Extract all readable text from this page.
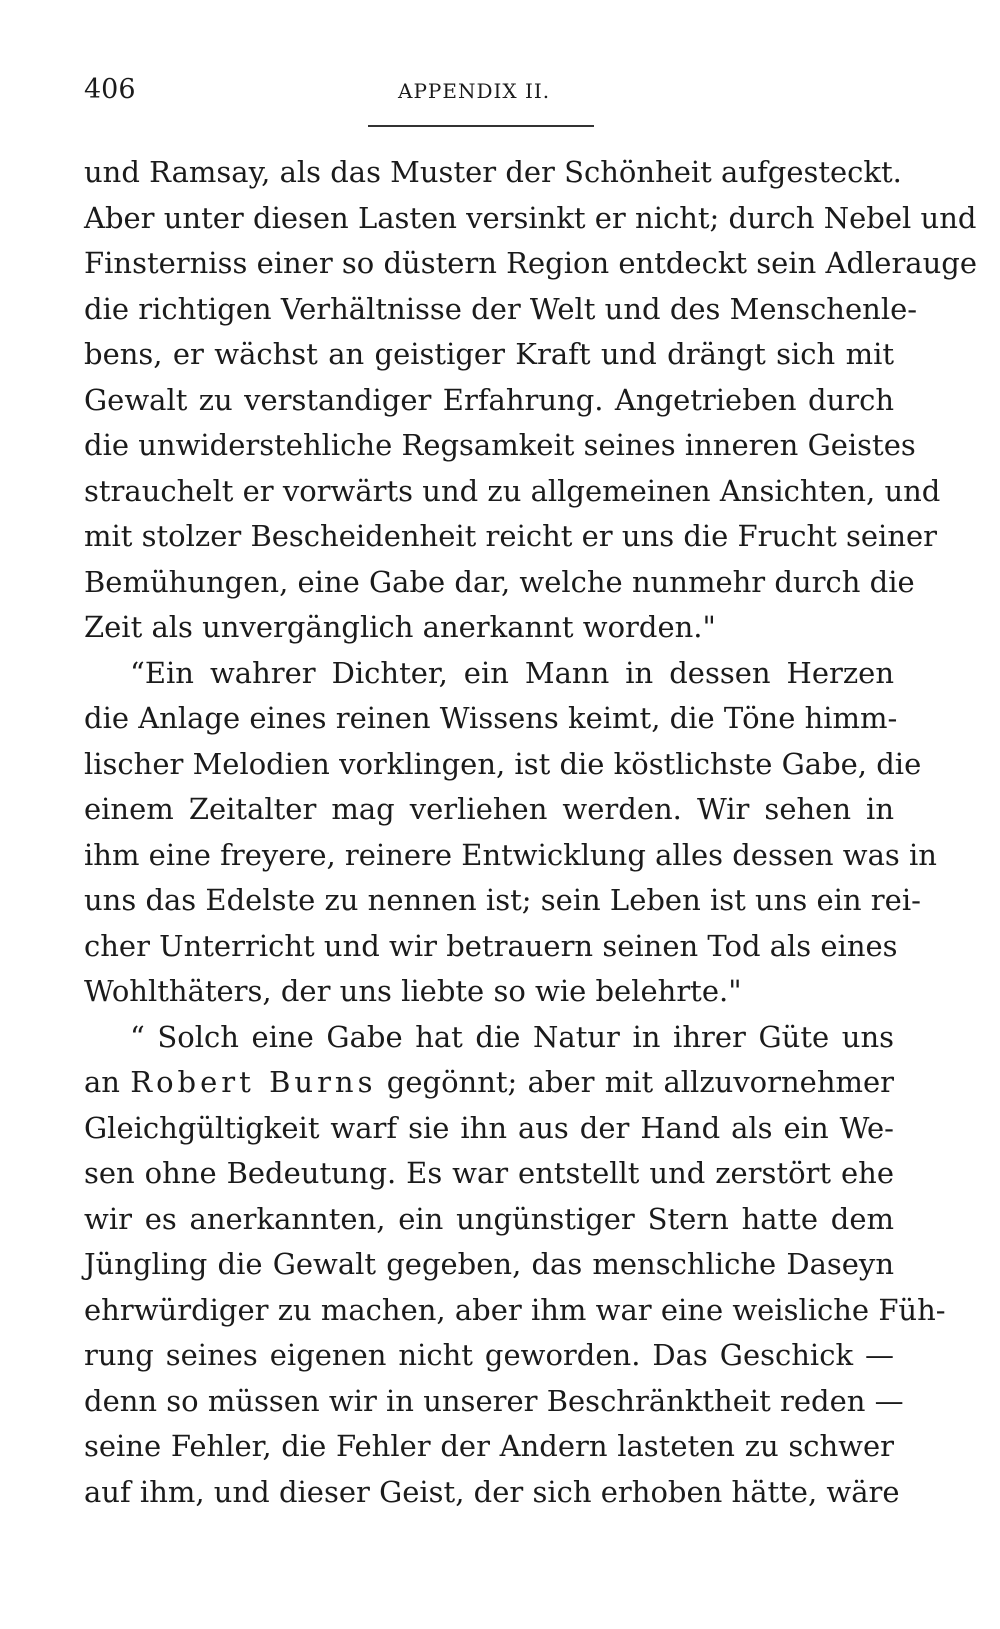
406	APPENDIX II.
und Ramsay, als das Muster der Schönheit aufgesteckt.
Aber unter diesen Lasten versinkt er nicht; durch Nebel und
Finsterniss einer so düstern Region entdeckt sein Adlerauge
die richtigen Verhältnisse der Welt und des Menschenle-
bens, er wächst an geistiger Kraft und drängt sich mit
Gewalt zu verstandiger Erfahrung. Angetrieben durch
die unwiderstehliche Regsamkeit seines inneren Geistes
strauchelt er vorwärts und zu allgemeinen Ansichten, und
mit stolzer Bescheidenheit reicht er uns die Frucht seiner
Bemühungen, eine Gabe dar, welche nunmehr durch die
Zeit als unvergänglich anerkannt worden."
“Ein wahrer Dichter, ein Mann in dessen Herzen
die Anlage eines reinen Wissens keimt, die Töne himm-
lischer Melodien vorklingen, ist die köstlichste Gabe, die
einem Zeitalter mag verliehen werden. Wir sehen in
ihm eine freyere, reinere Entwicklung alles dessen was in
uns das Edelste zu nennen ist; sein Leben ist uns ein rei-
cher Unterricht und wir betrauern seinen Tod als eines
Wohlthäters, der uns liebte so wie belehrte."
“ Solch eine Gabe hat die Natur in ihrer Güte uns
an Robert Burns gegönnt; aber mit allzuvornehmer
Gleichgültigkeit warf sie ihn aus der Hand als ein We-
sen ohne Bedeutung. Es war entstellt und zerstört ehe
wir es anerkannten, ein ungünstiger Stern hatte dem
Jüngling die Gewalt gegeben, das menschliche Daseyn
ehrwürdiger zu machen, aber ihm war eine weisliche Füh-
rung seines eigenen nicht geworden. Das Geschick —
denn so müssen wir in unserer Beschränktheit reden —
seine Fehler, die Fehler der Andern lasteten zu schwer
auf ihm, und dieser Geist, der sich erhoben hätte, wäre
